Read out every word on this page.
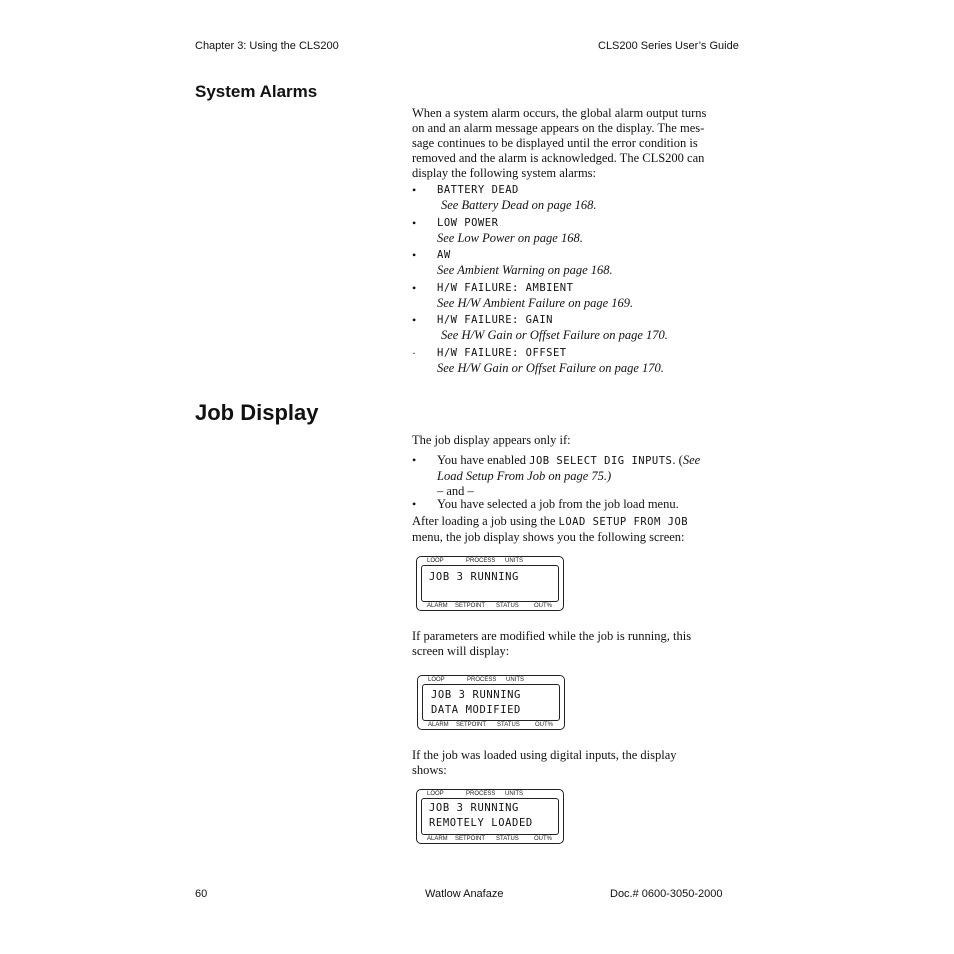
Chapter 3: Using the CLS200	CLS200 Series User’s Guide
System Alarms
When a system alarm occurs, the global alarm output turns
on and an alarm message appears on the display. The mes-
sage continues to be displayed until the error condition is
removed and the alarm is acknowledged. The CLS200 can
display the following system alarms:
• BATTERY DEAD
See Battery Dead on page 168.
• LOW POWER
See Low Power on page 168.
• AW
See Ambient Warning on page 168.
• H/W FAILURE: AMBIENT
See H/W Ambient Failure on page 169.
• H/W FAILURE: GAIN
See H/W Gain or Offset Failure on page 170.
· H/W FAILURE: OFFSET
See H/W Gain or Offset Failure on page 170.
Job Display
The job display appears only if:
• You have enabled JOB SELECT DIG INPUTS. (See
Load Setup From Job on page 75.)
– and –
• You have selected a job from the job load menu.
After loading a job using the LOAD SETUP FROM JOB
menu, the job display shows you the following screen:
LOOP	PROCESS UNITS
JOB 3 RUNNING
ALARM SETPOINT STATUS	OUT%
If parameters are modified while the job is running, this
screen will display:
LOOP	PROCESS UNITS
JOB 3 RUNNING
DATA MODIFIED
ALARM SETPOINT STATUS	OUT%
If the job was loaded using digital inputs, the display
shows:
LOOP	PROCESS UNITS
JOB 3 RUNNING
REMOTELY LOADED
ALARM SETPOINT STATUS	OUT%
60	Watlow Anafaze	Doc.# 0600-3050-2000
